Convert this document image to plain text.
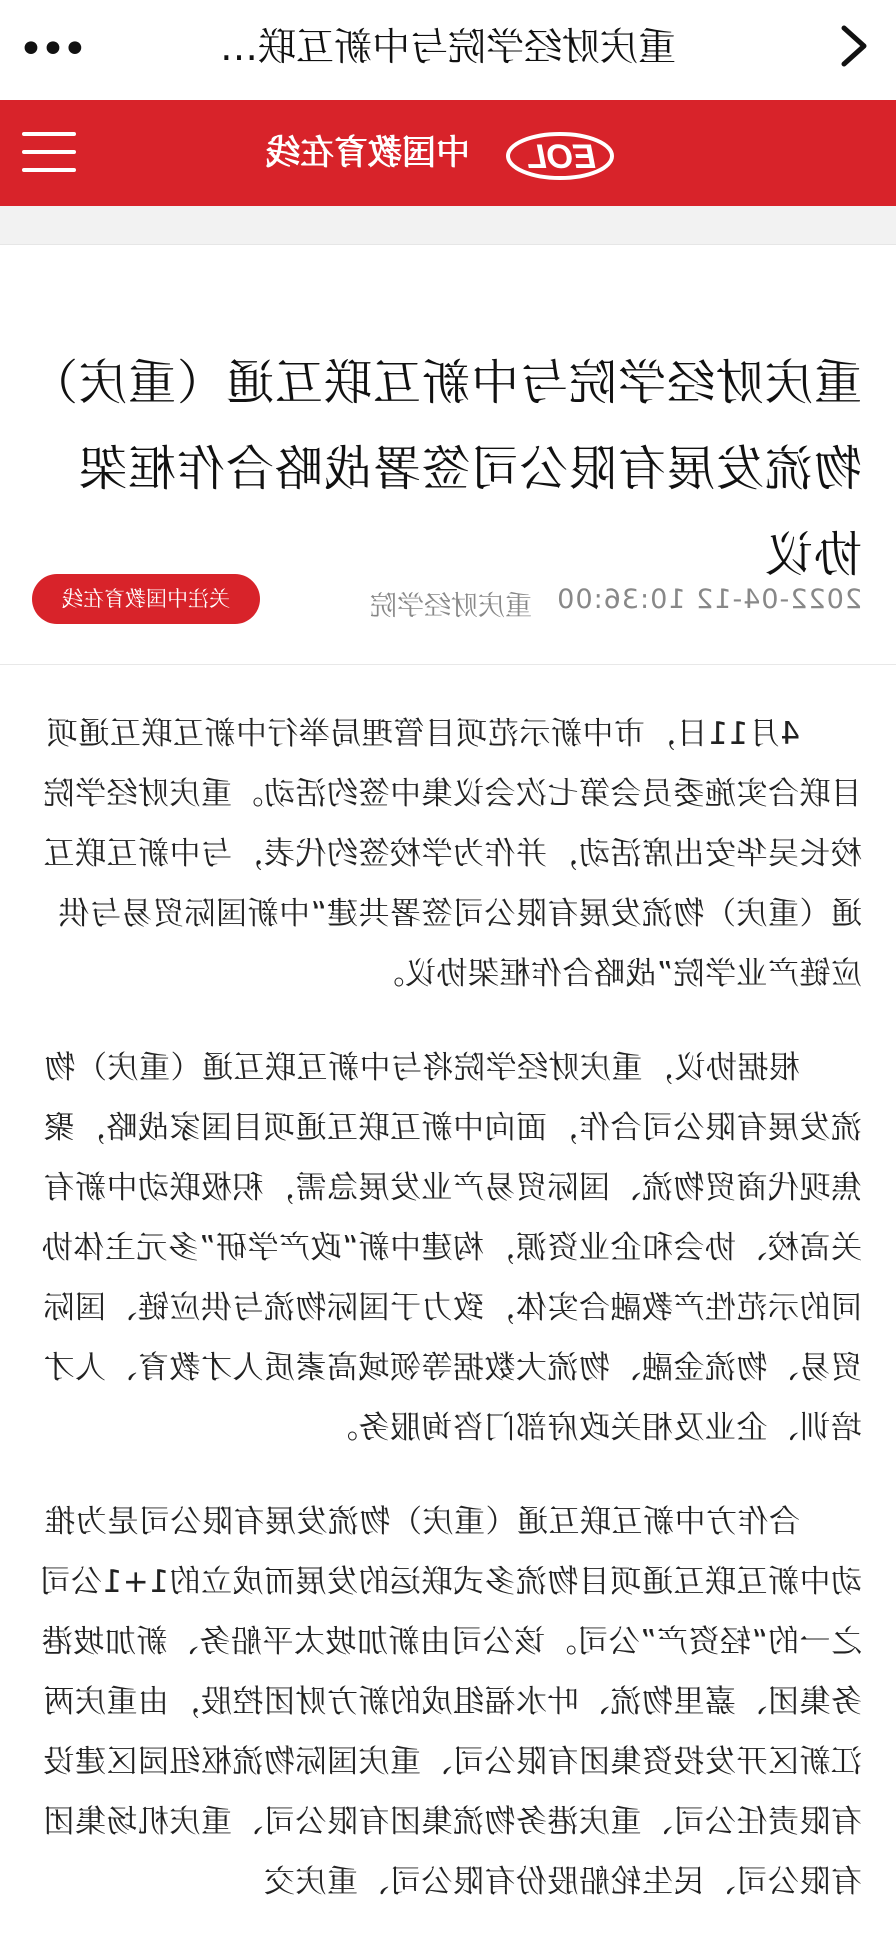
•••	重庆财经学院与中新互联…
EOL
中国教育在线
重庆财经学院与中新互联互通（重庆）物流发展有限公司签署战略合作框架协议
2022-04-12 10:36:00
重庆财经学院
关注中国教育在线

4月11日，市中新示范项目管理局举行中新互联互通项目联合实施委员会第七次会议集中签约活动。重庆财经学院校长吴华安出席活动，并作为学校签约代表，与中新互联互通（重庆）物流发展有限公司签署共建“中新国际贸易与供应链产业学院”战略合作框架协议。

根据协议，重庆财经学院将与中新互联互通（重庆）物流发展有限公司合作，面向中新互联互通项目国家战略，聚焦现代商贸物流、国际贸易产业发展急需，积极联动中新有关高校、协会和企业资源，构建中新“政产学研”多元主体协同的示范性产教融合实体，致力于国际物流与供应链、国际贸易、物流金融、物流大数据等领域高素质人才教育、人才培训、企业及相关政府部门咨询服务。

合作方中新互联互通（重庆）物流发展有限公司是为推动中新互联互通项目物流多式联运的发展而成立的1+1公司之一的“轻资产”公司。该公司由新加坡太平船务、新加坡港务集团、嘉里物流、叶水福组成的新方财团控股，由重庆两江新区开发投资集团有限公司、重庆国际物流枢纽园区建设有限责任公司、重庆港务物流集团有限公司、重庆机场集团有限公司、民生轮船股份有限公司、重庆交
